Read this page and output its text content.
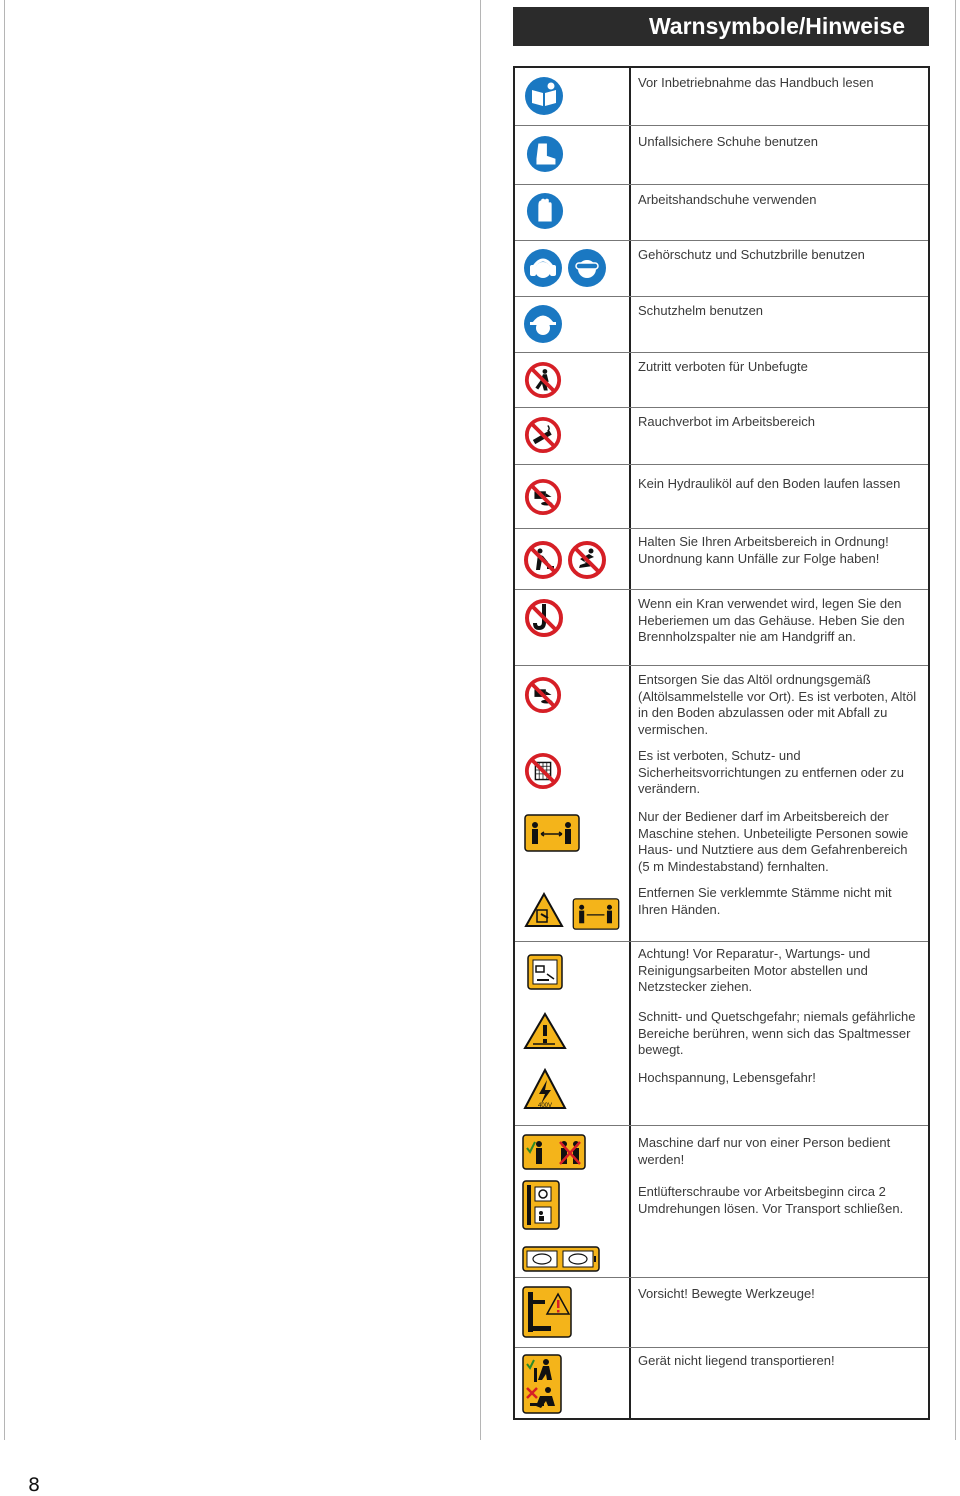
Warnsymbole/Hinweise
Vor Inbetriebnahme das Handbuch lesen
Unfallsichere Schuhe benutzen
Arbeitshandschuhe verwenden
Gehörschutz und Schutzbrille benutzen
Schutzhelm benutzen
Zutritt verboten für Unbefugte
Rauchverbot im Arbeitsbereich
Kein Hydrauliköl auf den Boden laufen lassen
Halten Sie Ihren Arbeitsbereich in Ordnung! Unordnung kann Unfälle zur Folge haben!
Wenn ein Kran verwendet wird, legen Sie den Heberiemen um das Gehäuse. Heben Sie den Brennholzspalter nie am Handgriff an.
Entsorgen Sie das Altöl ordnungsgemäß (Altölsammelstelle vor Ort). Es ist verboten, Altöl in den Boden abzulassen oder mit Abfall zu vermischen.
Es ist verboten, Schutz- und Sicherheitsvorrichtungen zu entfernen oder zu verändern.
Nur der Bediener darf im Arbeitsbereich der Maschine stehen. Unbeteiligte Personen sowie Haus- und Nutztiere aus dem Gefahrenbereich (5 m Mindestabstand) fernhalten.
Entfernen Sie verklemmte Stämme nicht mit Ihren Händen.
Achtung! Vor Reparatur-, Wartungs- und Reinigungsarbeiten Motor abstellen und Netzstecker ziehen.
Schnitt- und Quetschgefahr; niemals gefährliche Bereiche berühren, wenn sich das Spaltmesser bewegt.
400V
Hochspannung, Lebensgefahr!
Maschine darf nur von einer Person bedient werden!
Entlüfterschraube vor Arbeitsbeginn circa 2 Umdrehungen lösen. Vor Transport schließen.
Vorsicht! Bewegte Werkzeuge!
Gerät nicht liegend transportieren!
8
